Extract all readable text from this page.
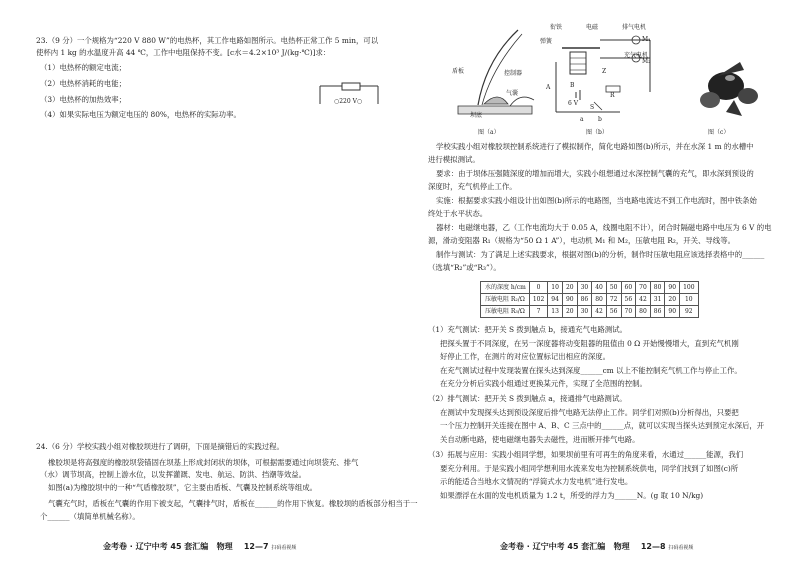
23.（9 分）一个规格为“220 V 880 W”的电热杯，其工作电路如图所示。电热杯正常工作 5 min，可以
使杯内 1 kg 的水温度升高 44 ℃，工作中电阻保持不变。[c水＝4.2×10³ J/(kg·℃)]求：
（1）电热杯的额定电流；
（2）电热杯消耗的电能；
（3）电热杯的加热效率；
（4）如果实际电压为额定电压的 80%，电热杯的实际功率。
○220 V○
24.（6 分）学校实践小组对橡胶坝进行了调研，下面是摘错后的实践过程。
橡胶坝是将高强度的橡胶坝袋锚固在坝基上形成封闭状的坝体，可根据需要通过向坝袋充、排气
（水）调节坝高，控制上游水位，以发挥灌溉、发电、航运、防洪、挡潮等效益。
如图(a)为橡胶坝中的一种“气盾橡胶坝”，它主要由盾板、气囊及控制系统等组成。
气囊充气时，盾板在气囊的作用下被支起，气囊排气时，盾板在______的作用下恢复。橡胶坝的盾板部分相当于一
个______（填简单机械名称）。
金考卷 · 辽宁中考 45 套汇编 物理 12—7 扫码看视频
盾板	控制器
气囊
坝底
图（a）
衔铁	电磁	排气电机
M₁
充气电机
M₂
弹簧
A	B
Z
6 V
R
S
a b
图（b）	图（c）
学校实践小组对橡胶坝控制系统进行了模拟制作，简化电路如图(b)所示，并在水深 1 m 的水槽中
进行模拟测试。
要求：由于坝体压强随深度的增加而增大，实践小组想通过水深控制气囊的充气，即水深到预设的
深度时，充气机停止工作。
实施：根据要求实践小组设计出如图(b)所示的电路图，当电路电流达不到工作电流时，图中铁条始
终处于水平状态。
器材：电磁继电器，乙（工作电流均大于 0.05 A，线圈电阻不计），闭合时隔磁电路中电压为 6 V 的电
源，滑动变阻器 R₁（规格为“50 Ω 1 A”），电动机 M₁ 和 M₂，压敏电阻 R₂，开关、导线等。
制作与测试：为了满足上述实践要求，根据对图(b)的分析，制作时压敏电阻应该选择表格中的______
（选填“R₂”或“R₃”）。
水的深度 h/cm	0	10	20	30	40	50	60	70	80	90	100
压敏电阻 R₂/Ω	102	94	90	86	80	72	56	42	31	20	10
压敏电阻 R₃/Ω	7	13	20	30	42	56	70	80	86	90	92
（1）充气测试：把开关 S 拨到触点 b，接通充气电路测试。
把探头置于不同深度，在另一深度器将动变阻器的阻值由 0 Ω 开始慢慢增大，直到充气机刚
好停止工作，在测片的对应位置标记出相应的深度。
在充气测试过程中发现装置在探头达到深度______cm 以上不能控制充气机工作与停止工作。
在充分分析后实践小组通过更换某元件，实现了全范围的控制。
（2）排气测试：把开关 S 拨到触点 a，接通排气电路测试。
在测试中发现探头达到预设深度后排气电路无法停止工作。同学们对照(b)分析得出，只要把
一个压力控制开关连接在图中 A、B、C 三点中的______点，就可以实现当探头达到预定水深后，开
关自动断电路，使电磁继电器失去磁性，进而断开排气电路。
（3）拓展与应用：实践小组同学想，如果坝前里有可再生的角度来看，水通过______能源，我们
要充分利用。于是实践小组同学想利用水流来发电为控制系统供电，同学们找到了如图(c)所
示的能适合当地水文情况的“浮筒式水力发电机”进行发电。
如果漂浮在水面的发电机质量为 1.2 t，所受的浮力为______N。(g 取 10 N/kg)
金考卷 · 辽宁中考 45 套汇编 物理 12—8 扫码看视频
